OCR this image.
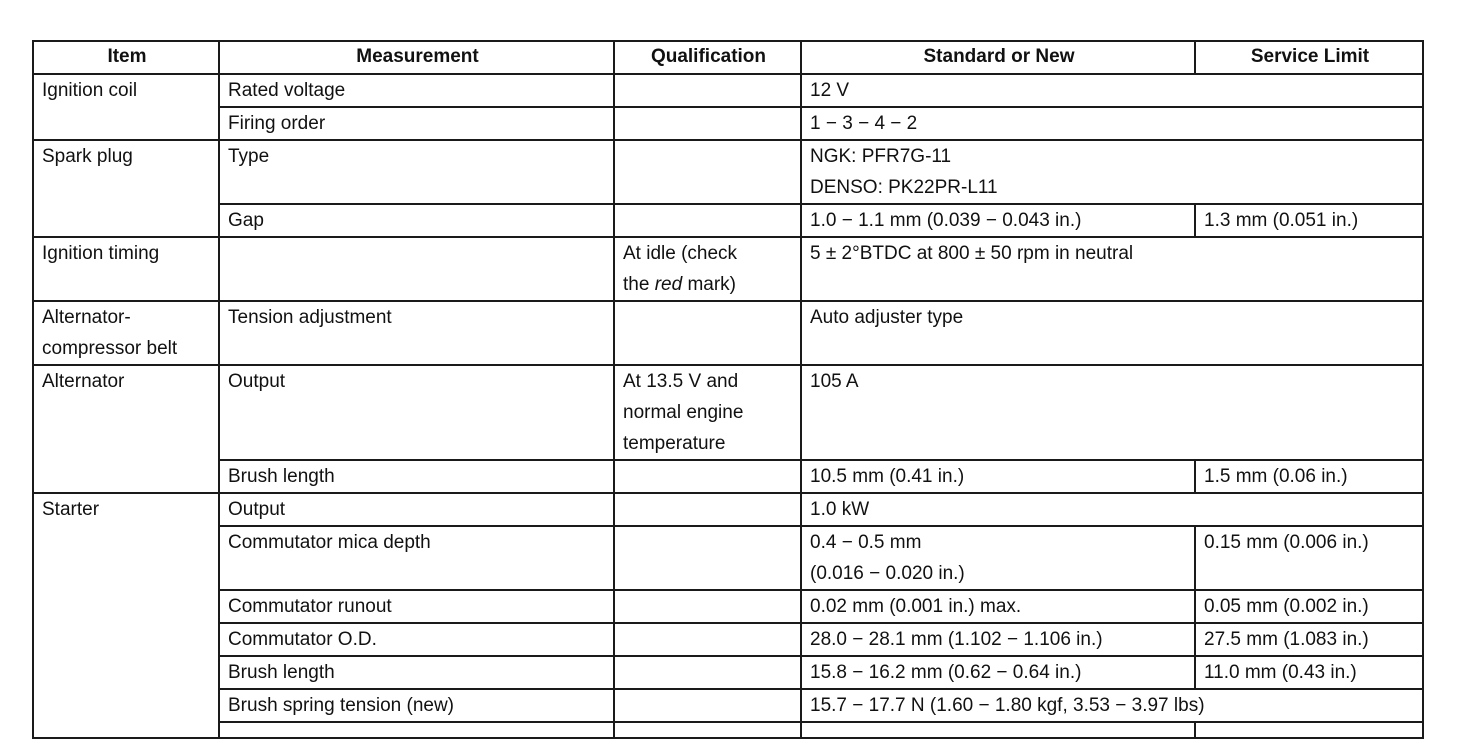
Item	Measurement	Qualification	Standard or New	Service Limit
Ignition coil	Rated voltage		12 V	
	Firing order		1 − 3 − 4 − 2	
Spark plug	Type		NGK: PFR7G-11
DENSO: PK22PR-L11	

	Gap		1.0 − 1.1 mm (0.039 − 0.043 in.)	1.3 mm (0.051 in.)
Ignition timing		At idle (check
the red mark)	5 ± 2°BTDC at 800 ± 50 rpm in neutral	

Alternator-
compressor belt	Tension adjustment		Auto adjuster type	
Alternator	Output	At 13.5 V and
normal engine
temperature	105 A	
	Brush length		10.5 mm (0.41 in.)	1.5 mm (0.06 in.)
Starter	Output		1.0 kW	
	Commutator mica depth		0.4 − 0.5 mm
(0.016 − 0.020 in.)	0.15 mm (0.006 in.)
	Commutator runout		0.02 mm (0.001 in.) max.	0.05 mm (0.002 in.)
	Commutator O.D.		28.0 − 28.1 mm (1.102 − 1.106 in.)	27.5 mm (1.083 in.)
	Brush length		15.8 − 16.2 mm (0.62 − 0.64 in.)	11.0 mm (0.43 in.)
	Brush spring tension (new)		15.7 − 17.7 N (1.60 − 1.80 kgf, 3.53 − 3.97 lbs)	
